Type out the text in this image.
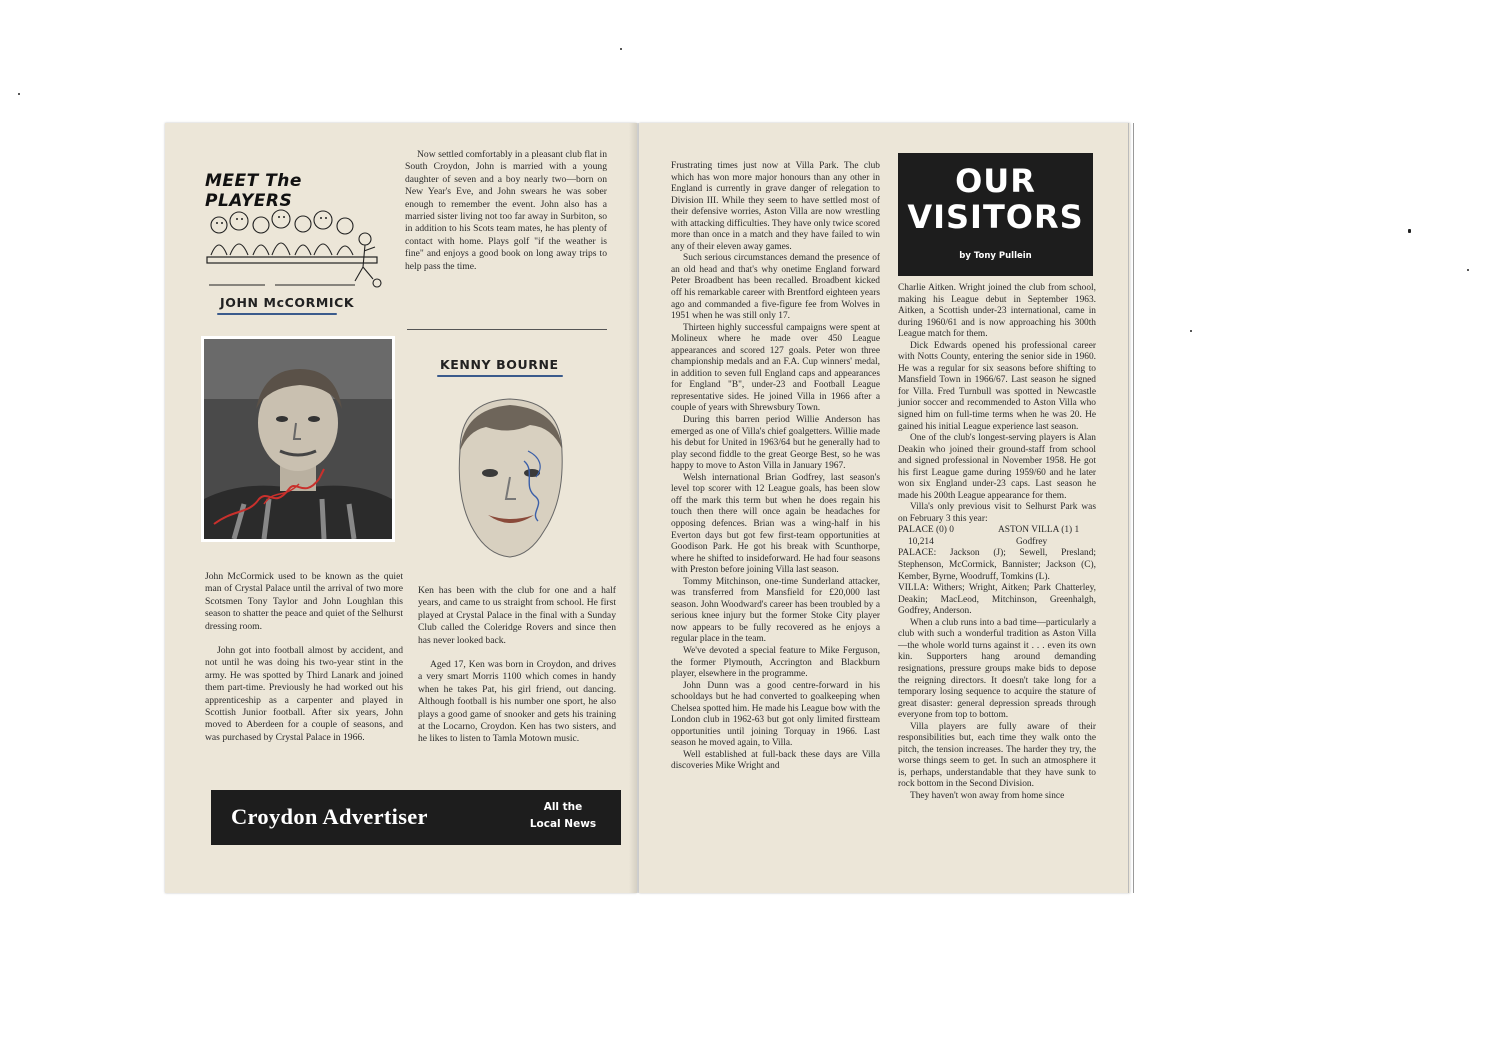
MEET The PLAYERS
JOHN McCORMICK

Now settled comfortably in a pleasant club flat in South Croydon, John is married with a young daughter of seven and a boy nearly two—born on New Year's Eve, and John swears he was sober enough to remember the event. John also has a married sister living not too far away in Surbiton, so in addition to his Scots team mates, he has plenty of contact with home. Plays golf "if the weather is fine" and enjoys a good book on long away trips to help pass the time.

John McCormick used to be known as the quiet man of Crystal Palace until the arrival of two more Scotsmen Tony Taylor and John Loughlan this season to shatter the peace and quiet of the Selhurst dressing room.

John got into football almost by accident, and not until he was doing his two-year stint in the army. He was spotted by Third Lanark and joined them part-time. Previously he had worked out his apprenticeship as a carpenter and played in Scottish Junior football. After six years, John moved to Aberdeen for a couple of seasons, and was purchased by Crystal Palace in 1966.

KENNY BOURNE

Ken has been with the club for one and a half years, and came to us straight from school. He first played at Crystal Palace in the final with a Sunday Club called the Coleridge Rovers and since then has never looked back.

Aged 17, Ken was born in Croydon, and drives a very smart Morris 1100 which comes in handy when he takes Pat, his girl friend, out dancing. Although football is his number one sport, he also plays a good game of snooker and gets his training at the Locarno, Croydon. Ken has two sisters, and he likes to listen to Tamla Motown music.

Croydon Advertiser	All the
Local News

Frustrating times just now at Villa Park. The club which has won more major honours than any other in England is currently in grave danger of relegation to Division III. While they seem to have settled most of their defensive worries, Aston Villa are now wrestling with attacking difficulties. They have only twice scored more than once in a match and they have failed to win any of their eleven away games.

Such serious circumstances demand the presence of an old head and that's why onetime England forward Peter Broadbent has been recalled. Broadbent kicked off his remarkable career with Brentford eighteen years ago and commanded a five-figure fee from Wolves in 1951 when he was still only 17.

Thirteen highly successful campaigns were spent at Molineux where he made over 450 League appearances and scored 127 goals. Peter won three championship medals and an F.A. Cup winners' medal, in addition to seven full England caps and appearances for England "B", under-23 and Football League representative sides. He joined Villa in 1966 after a couple of years with Shrewsbury Town.

During this barren period Willie Anderson has emerged as one of Villa's chief goalgetters. Willie made his debut for United in 1963/64 but he generally had to play second fiddle to the great George Best, so he was happy to move to Aston Villa in January 1967.

Welsh international Brian Godfrey, last season's level top scorer with 12 League goals, has been slow off the mark this term but when he does regain his touch then there will once again be headaches for opposing defences. Brian was a wing-half in his Everton days but got few first-team opportunities at Goodison Park. He got his break with Scunthorpe, where he shifted to insideforward. He had four seasons with Preston before joining Villa last season.

Tommy Mitchinson, one-time Sunderland attacker, was transferred from Mansfield for £20,000 last season. John Woodward's career has been troubled by a serious knee injury but the former Stoke City player now appears to be fully recovered as he enjoys a regular place in the team.

We've devoted a special feature to Mike Ferguson, the former Plymouth, Accrington and Blackburn player, elsewhere in the programme.

John Dunn was a good centre-forward in his schooldays but he had converted to goalkeeping when Chelsea spotted him. He made his League bow with the London club in 1962-63 but got only limited firstteam opportunities until joining Torquay in 1966. Last season he moved again, to Villa.

Well established at full-back these days are Villa discoveries Mike Wright and

OUR
VISITORS
by Tony Pullein

Charlie Aitken. Wright joined the club from school, making his League debut in September 1963. Aitken, a Scottish under-23 international, came in during 1960/61 and is now approaching his 300th League match for them.

Dick Edwards opened his professional career with Notts County, entering the senior side in 1960. He was a regular for six seasons before shifting to Mansfield Town in 1966/67. Last season he signed for Villa. Fred Turnbull was spotted in Newcastle junior soccer and recommended to Aston Villa who signed him on full-time terms when he was 20. He gained his initial League experience last season.

One of the club's longest-serving players is Alan Deakin who joined their ground-staff from school and signed professional in November 1958. He got his first League game during 1959/60 and he later won six England under-23 caps. Last season he made his 200th League appearance for them.

Villa's only previous visit to Selhurst Park was on February 3 this year:

PALACE (0) 0	ASTON VILLA (1) 1
10,214	Godfrey

PALACE: Jackson (J); Sewell, Presland; Stephenson, McCormick, Bannister; Jackson (C), Kember, Byrne, Woodruff, Tomkins (L).

VILLA: Withers; Wright, Aitken; Park Chatterley, Deakin; MacLeod, Mitchinson, Greenhalgh, Godfrey, Anderson.

When a club runs into a bad time—particularly a club with such a wonderful tradition as Aston Villa—the whole world turns against it . . . even its own kin. Supporters hang around demanding resignations, pressure groups make bids to depose the reigning directors. It doesn't take long for a temporary losing sequence to acquire the stature of great disaster: general depression spreads through everyone from top to bottom.

Villa players are fully aware of their responsibilities but, each time they walk onto the pitch, the tension increases. The harder they try, the worse things seem to get. In such an atmosphere it is, perhaps, understandable that they have sunk to rock bottom in the Second Division.

They haven't won away from home since
